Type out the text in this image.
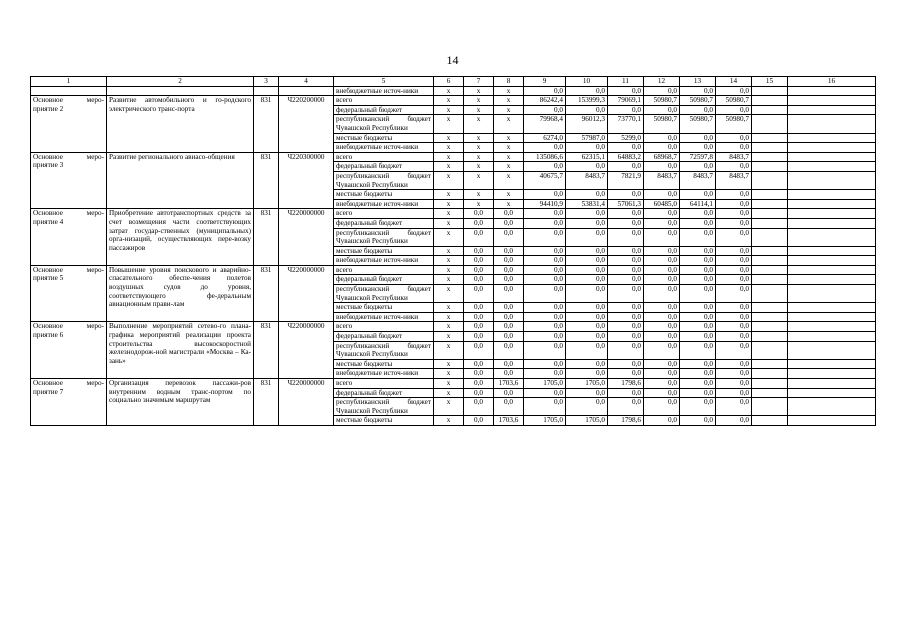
14
1	2	3	4	5	6	7	8	9	10	11	12	13	14	15	16
				внебюджетные источ-ники	x	x	x	0,0	0,0	0,0	0,0	0,0	0,0		
Основное меро-приятие 2	Развитие автомобильного и го-родского электрического транс-порта	831	Ч220200000	всего	x	x	x	86242,4	153999,3	79069,1	50980,7	50980,7	50980,7		
				федеральный бюджет	x	x	x	0,0	0,0	0,0	0,0	0,0	0,0		
				республиканский бюджет Чувашской Республики	x	x	x	79968,4	96012,3	73770,1	50980,7	50980,7	50980,7		
				местные бюджеты	x	x	x	6274,0	57987,0	5299,0	0,0	0,0	0,0		
				внебюджетные источ-ники	x	x	x	0,0	0,0	0,0	0,0	0,0	0,0		
Основное меро-приятие 3	Развитие регионального авиасо-общения	831	Ч220300000	всего	x	x	x	135086,6	62315,1	64883,2	68968,7	72597,8	8483,7		
				федеральный бюджет	x	x	x	0,0	0,0	0,0	0,0	0,0	0,0		
				республиканский бюджет Чувашской Республики	x	x	x	40675,7	8483,7	7821,9	8483,7	8483,7	8483,7		
				местные бюджеты	x	x	x	0,0	0,0	0,0	0,0	0,0	0,0		
				внебюджетные источ-ники	x	x	x	94410,9	53831,4	57061,3	60485,0	64114,1	0,0		
Основное меро-приятие 4	Приобретение автотранспортных средств за счет возмещения части соответствующих затрат государ-ственных (муниципальных) орга-низаций, осуществляющих пере-возку пассажиров	831	Ч220000000	всего	x	0,0	0,0	0,0	0,0	0,0	0,0	0,0	0,0		
				федеральный бюджет	x	0,0	0,0	0,0	0,0	0,0	0,0	0,0	0,0		
				республиканский бюджет Чувашской Республики	x	0,0	0,0	0,0	0,0	0,0	0,0	0,0	0,0		
				местные бюджеты	x	0,0	0,0	0,0	0,0	0,0	0,0	0,0	0,0		
				внебюджетные источ-ники	x	0,0	0,0	0,0	0,0	0,0	0,0	0,0	0,0		
Основное меро-приятие 5	Повышение уровня поискового и аварийно-спасательного обеспе-чения полетов воздушных судов до уровня, соответствующего фе-деральным авиационным прави-лам	831	Ч220000000	всего	x	0,0	0,0	0,0	0,0	0,0	0,0	0,0	0,0		
				федеральный бюджет	x	0,0	0,0	0,0	0,0	0,0	0,0	0,0	0,0		
				республиканский бюджет Чувашской Республики	x	0,0	0,0	0,0	0,0	0,0	0,0	0,0	0,0		
				местные бюджеты	x	0,0	0,0	0,0	0,0	0,0	0,0	0,0	0,0		
				внебюджетные источ-ники	x	0,0	0,0	0,0	0,0	0,0	0,0	0,0	0,0		
Основное меро-приятие 6	Выполнение мероприятий сетево-го плана-графика мероприятий реализации проекта строительства высокоскоростной железнодорож-ной магистрали «Москва – Ка-зань»	831	Ч220000000	всего	x	0,0	0,0	0,0	0,0	0,0	0,0	0,0	0,0		
				федеральный бюджет	x	0,0	0,0	0,0	0,0	0,0	0,0	0,0	0,0		
				республиканский бюджет Чувашской Республики	x	0,0	0,0	0,0	0,0	0,0	0,0	0,0	0,0		
				местные бюджеты	x	0,0	0,0	0,0	0,0	0,0	0,0	0,0	0,0		
				внебюджетные источ-ники	x	0,0	0,0	0,0	0,0	0,0	0,0	0,0	0,0		
Основное меро-приятие 7	Организация перевозок пассажи-ров внутренним водным транс-портом по социально значимым маршрутам	831	Ч220000000	всего	x	0,0	1703,6	1705,0	1705,0	1798,6	0,0	0,0	0,0		
				федеральный бюджет	x	0,0	0,0	0,0	0,0	0,0	0,0	0,0	0,0		
				республиканский бюджет Чувашской Республики	x	0,0	0,0	0,0	0,0	0,0	0,0	0,0	0,0		
				местные бюджеты	x	0,0	1703,6	1705,0	1705,0	1798,6	0,0	0,0	0,0		
